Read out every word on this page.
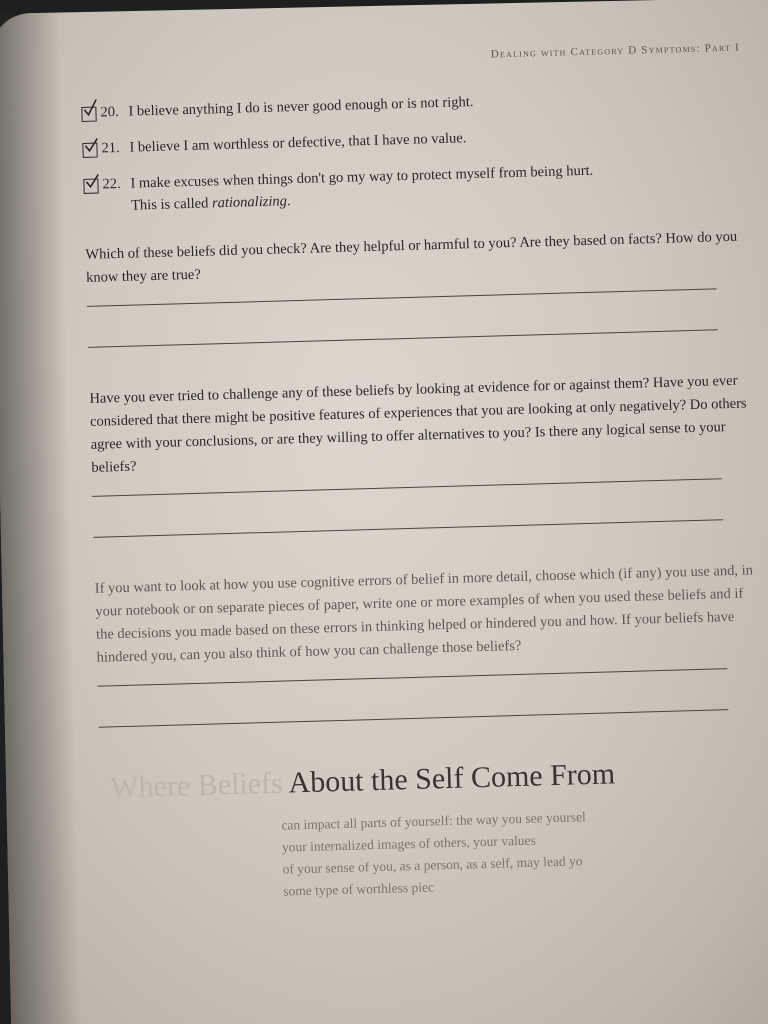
Dealing with Category D Symptoms: Part I
20. I believe anything I do is never good enough or is not right.
21. I believe I am worthless or defective, that I have no value.
22. I make excuses when things don't go my way to protect myself from being hurt.
This is called rationalizing.

Which of these beliefs did you check? Are they helpful or harmful to you? Are they based on facts? How do you know they are true?

Have you ever tried to challenge any of these beliefs by looking at evidence for or against them? Have you ever considered that there might be positive features of experiences that you are looking at only negatively? Do others agree with your conclusions, or are they willing to offer alternatives to you? Is there any logical sense to your beliefs?

If you want to look at how you use cognitive errors of belief in more detail, choose which (if any) you use and, in your notebook or on separate pieces of paper, write one or more examples of when you used these beliefs and if the decisions you made based on these errors in thinking helped or hindered you and how. If your beliefs have hindered you, can you also think of how you can challenge those beliefs?

Where Beliefs About the Self Come From
can impact all parts of yourself: the way you see yoursel
your internalized images of others, your values
of your sense of you, as a person, as a self, may lead yo
some type of worthless piec
